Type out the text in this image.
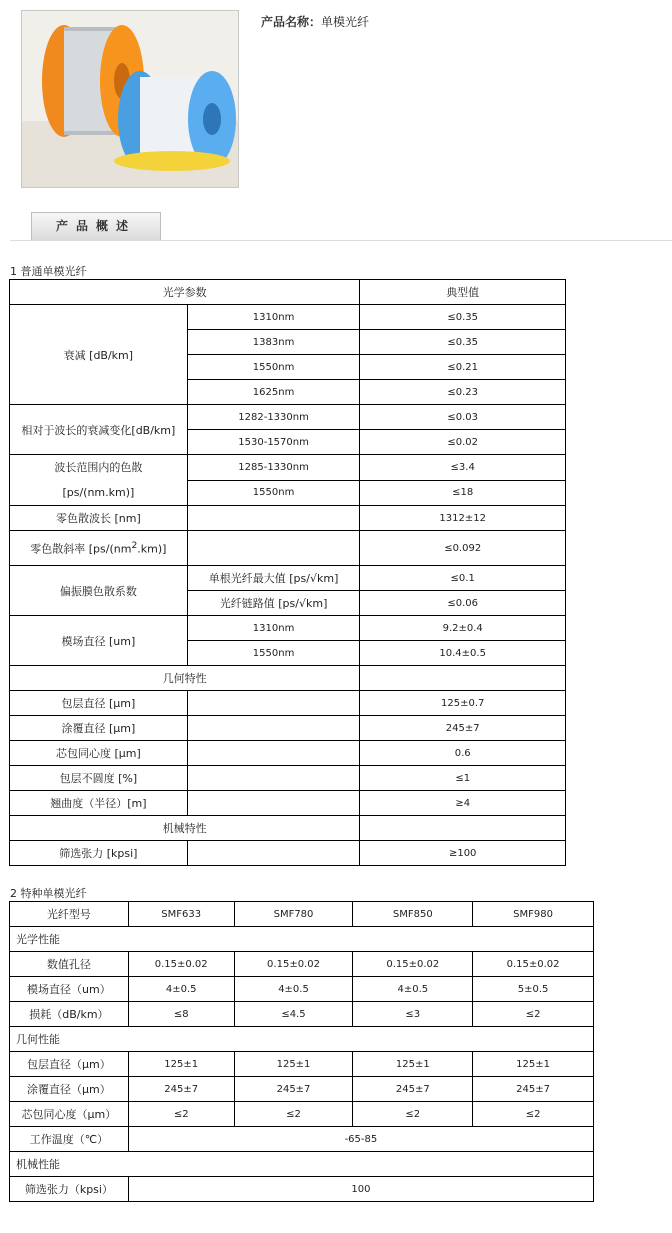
产品名称：单模光纤
产品概述
1 普通单模光纤
光学参数		典型值
衰减 [dB/km]	1310nm	≤0.35
	1383nm	≤0.35
	1550nm	≤0.21
	1625nm	≤0.23
相对于波长的衰减变化[dB/km]	1282-1330nm	≤0.03
	1530-1570nm	≤0.02

波长范围内的色散
[ps/(nm.km)]	1285-1330nm	≤3.4
	1550nm	≤18
零色散波长 [nm]		1312±12
零色散斜率 $[ps/(nm^2.km)]$		≤0.092
偏振膜色散系数	单根光纤最大值 [ps/√km]	≤0.1
	光纤链路值 [ps/√km]	≤0.06
模场直径 [um]	1310nm	9.2±0.4
	1550nm	10.4±0.5
几何特性		
包层直径 [μm]		125±0.7
涂覆直径 [μm]		245±7
芯包同心度 [μm]		0.6
包层不圆度 [%]		≤1
翘曲度（半径）[m]		≥4
机械特性		
筛选张力 [kpsi]		≥100
2 特种单模光纤
光纤型号	SMF633	SMF780	SMF850	SMF980
光学性能				
数值孔径	0.15±0.02	0.15±0.02	0.15±0.02	0.15±0.02
模场直径（um）	4±0.5	4±0.5	4±0.5	5±0.5
损耗（dB/km）	≤8	≤4.5	≤3	≤2
几何性能				
包层直径（μm）	125±1	125±1	125±1	125±1
涂覆直径（μm）	245±7	245±7	245±7	245±7
芯包同心度（μm）	≤2	≤2	≤2	≤2
工作温度（℃）	-65-85			
机械性能				
筛选张力（kpsi）	100			
